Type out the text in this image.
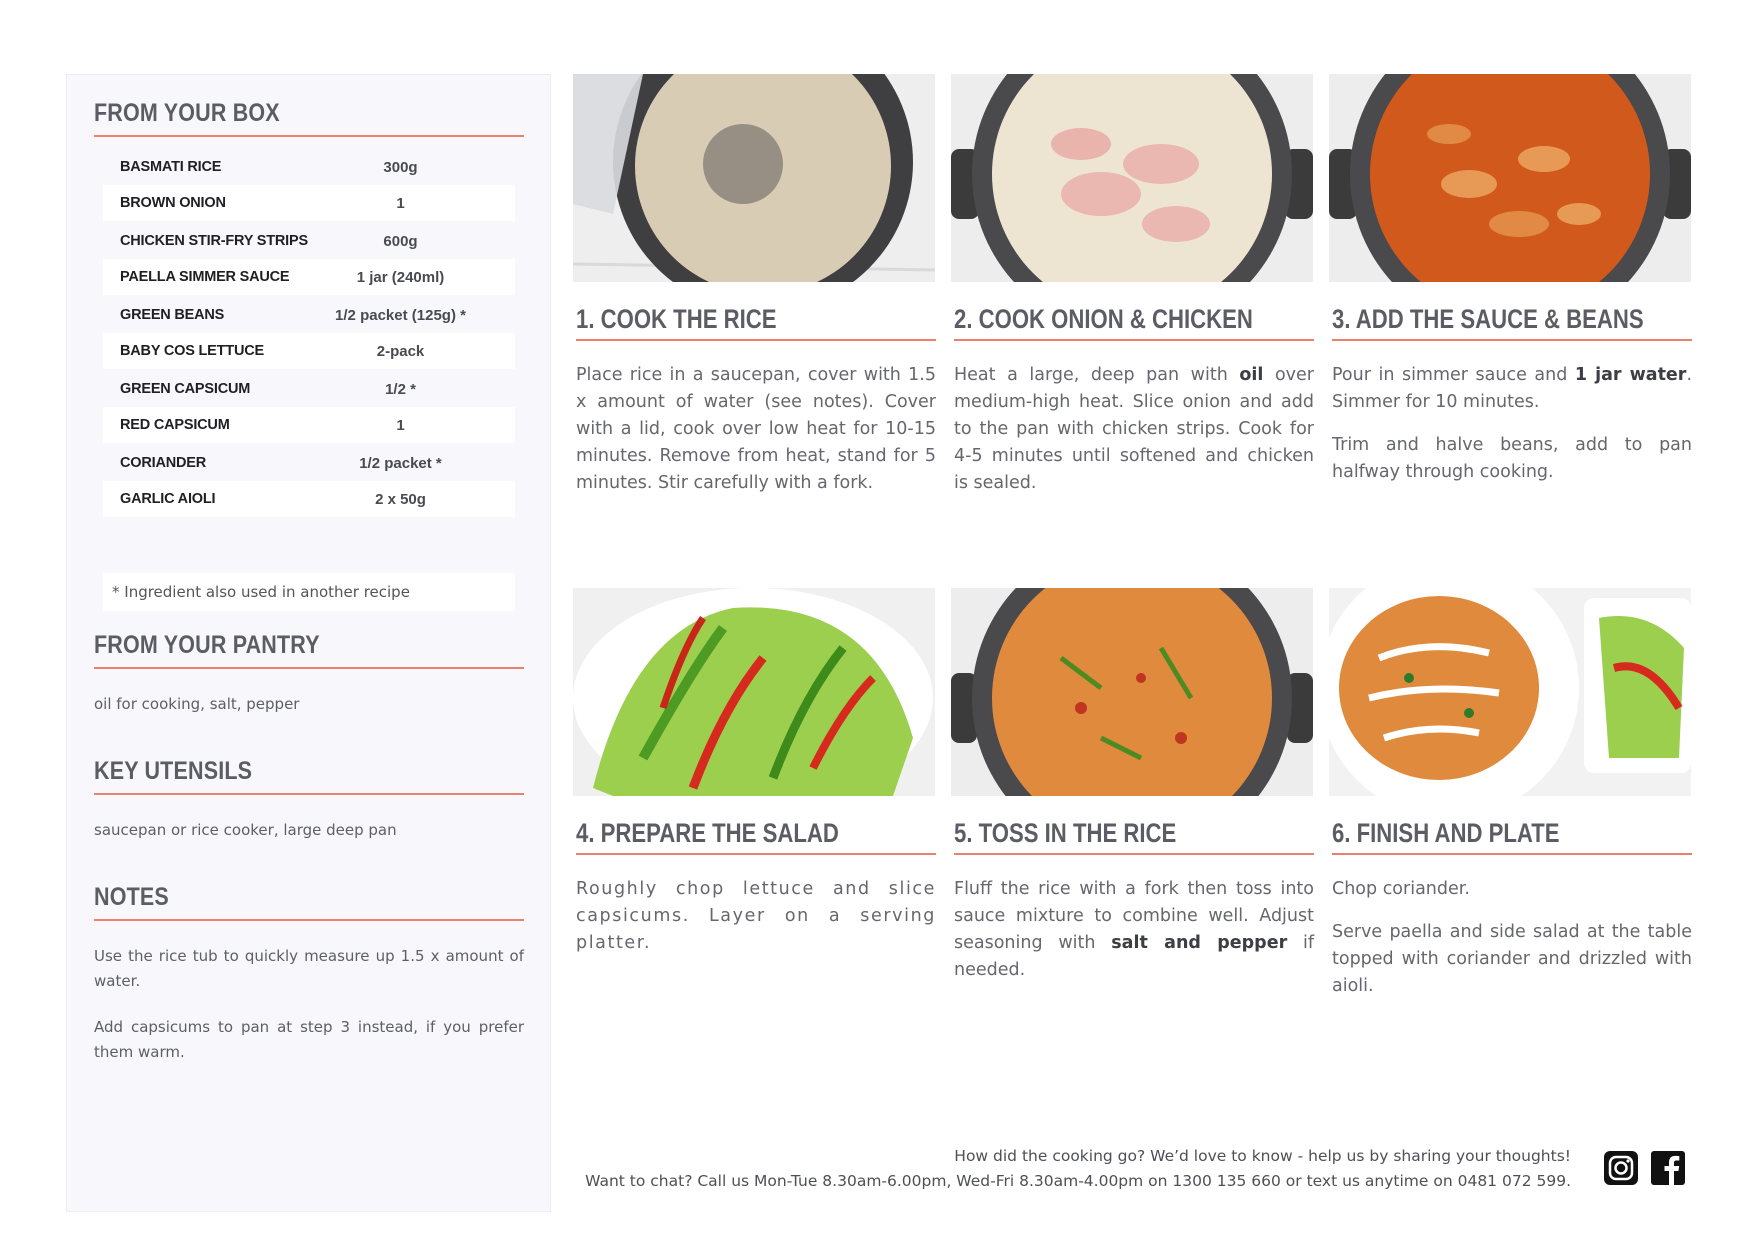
FROM YOUR BOX
BASMATI RICE	300g
BROWN ONION	1
CHICKEN STIR-FRY STRIPS	600g
PAELLA SIMMER SAUCE	1 jar (240ml)
GREEN BEANS	1/2 packet (125g) *
BABY COS LETTUCE	2-pack
GREEN CAPSICUM	1/2 *
RED CAPSICUM	1
CORIANDER	1/2 packet *
GARLIC AIOLI	2 x 50g
* Ingredient also used in another recipe
FROM YOUR PANTRY
oil for cooking, salt, pepper
KEY UTENSILS
saucepan or rice cooker, large deep pan
NOTES
Use the rice tub to quickly measure up 1.5 x amount of water.
Add capsicums to pan at step 3 instead, if you prefer them warm.
1. COOK THE RICE

Place rice in a saucepan, cover with 1.5 x amount of water (see notes). Cover with a lid, cook over low heat for 10-15 minutes. Remove from heat, stand for 5 minutes. Stir carefully with a fork.

2. COOK ONION & CHICKEN

Heat a large, deep pan with oil over medium-high heat. Slice onion and add to the pan with chicken strips. Cook for 4-5 minutes until softened and chicken is sealed.

3. ADD THE SAUCE & BEANS

Pour in simmer sauce and 1 jar water. Simmer for 10 minutes.

Trim and halve beans, add to pan halfway through cooking.

4. PREPARE THE SALAD

Roughly chop lettuce and slice capsicums. Layer on a serving platter.

5. TOSS IN THE RICE

Fluff the rice with a fork then toss into sauce mixture to combine well. Adjust seasoning with salt and pepper if needed.

6. FINISH AND PLATE

Chop coriander.

Serve paella and side salad at the table topped with coriander and drizzled with aioli.

How did the cooking go? We’d love to know - help us by sharing your thoughts!
Want to chat? Call us Mon-Tue 8.30am-6.00pm, Wed-Fri 8.30am-4.00pm on 1300 135 660 or text us anytime on 0481 072 599.
